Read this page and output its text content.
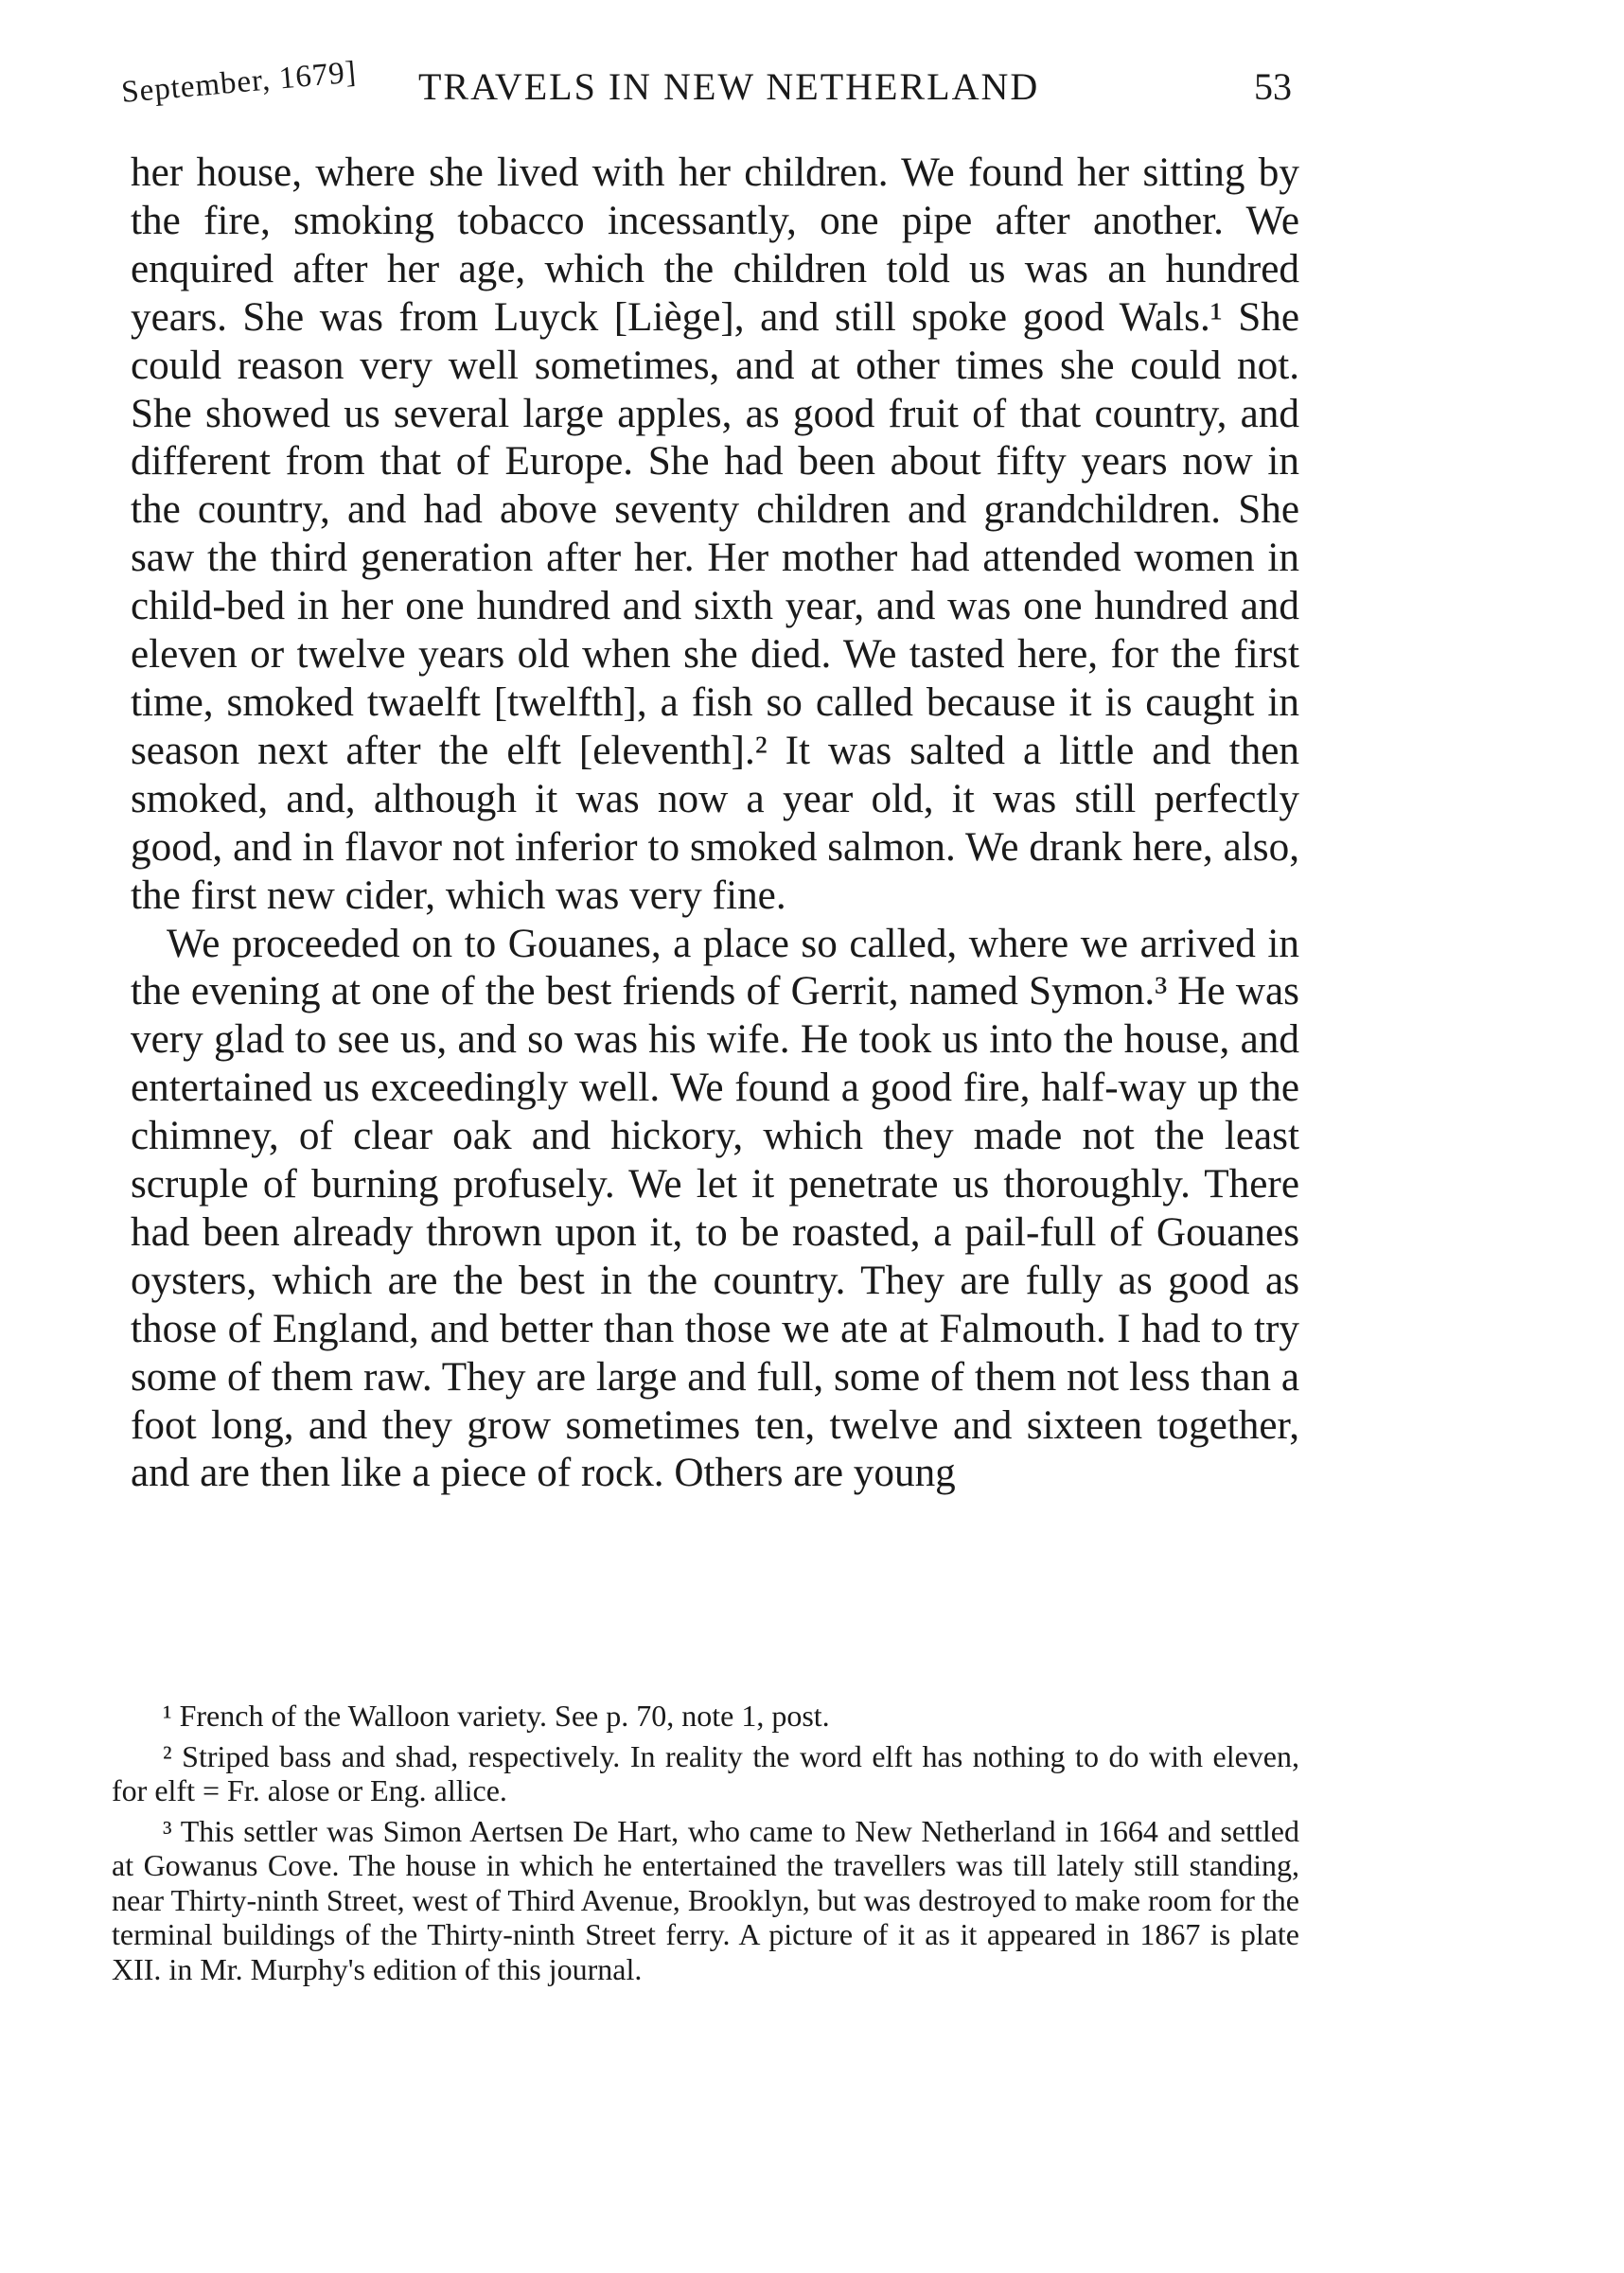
September, 1679] TRAVELS IN NEW NETHERLAND	53

her house, where she lived with her children. We found her sitting by the fire, smoking tobacco incessantly, one pipe after another. We enquired after her age, which the children told us was an hundred years. She was from Luyck [Liège], and still spoke good Wals.¹ She could reason very well sometimes, and at other times she could not. She showed us several large apples, as good fruit of that country, and different from that of Europe. She had been about fifty years now in the country, and had above seventy children and grandchildren. She saw the third generation after her. Her mother had attended women in child-bed in her one hundred and sixth year, and was one hundred and eleven or twelve years old when she died. We tasted here, for the first time, smoked twaelft [twelfth], a fish so called because it is caught in season next after the elft [eleventh].² It was salted a little and then smoked, and, although it was now a year old, it was still perfectly good, and in flavor not inferior to smoked salmon. We drank here, also, the first new cider, which was very fine.

We proceeded on to Gouanes, a place so called, where we arrived in the evening at one of the best friends of Gerrit, named Symon.³ He was very glad to see us, and so was his wife. He took us into the house, and entertained us exceedingly well. We found a good fire, half-way up the chimney, of clear oak and hickory, which they made not the least scruple of burning profusely. We let it penetrate us thoroughly. There had been already thrown upon it, to be roasted, a pail-full of Gouanes oysters, which are the best in the country. They are fully as good as those of England, and better than those we ate at Falmouth. I had to try some of them raw. They are large and full, some of them not less than a foot long, and they grow sometimes ten, twelve and sixteen together, and are then like a piece of rock. Others are young

¹ French of the Walloon variety. See p. 70, note 1, post.

² Striped bass and shad, respectively. In reality the word elft has nothing to do with eleven, for elft = Fr. alose or Eng. allice.

³ This settler was Simon Aertsen De Hart, who came to New Netherland in 1664 and settled at Gowanus Cove. The house in which he entertained the travellers was till lately still standing, near Thirty-ninth Street, west of Third Avenue, Brooklyn, but was destroyed to make room for the terminal buildings of the Thirty-ninth Street ferry. A picture of it as it appeared in 1867 is plate XII. in Mr. Murphy's edition of this journal.
